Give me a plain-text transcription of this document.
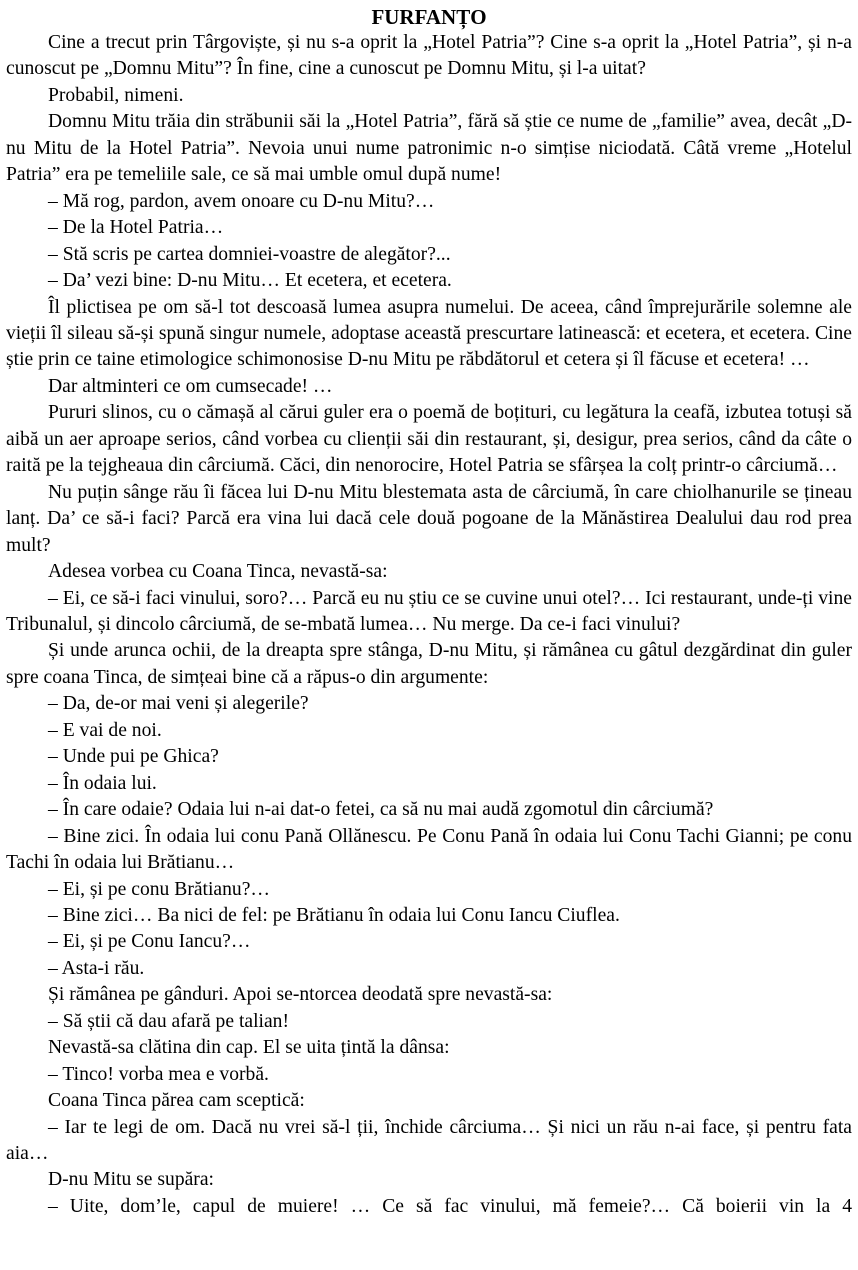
FURFANȚO

Cine a trecut prin Târgoviște, și nu s-a oprit la „Hotel Patria”? Cine s-a oprit la „Hotel Patria”, și n-a cunoscut pe „Domnu Mitu”? În fine, cine a cunoscut pe Domnu Mitu, și l-a uitat?

Probabil, nimeni.

Domnu Mitu trăia din străbunii săi la „Hotel Patria”, fără să știe ce nume de „familie” avea, decât „D-nu Mitu de la Hotel Patria”. Nevoia unui nume patronimic n-o simțise niciodată. Câtă vreme „Hotelul Patria” era pe temeliile sale, ce să mai umble omul după nume!

– Mă rog, pardon, avem onoare cu D-nu Mitu?…

– De la Hotel Patria…

– Stă scris pe cartea domniei-voastre de alegător?...

– Da’ vezi bine: D-nu Mitu… Et ecetera, et ecetera.

Îl plictisea pe om să-l tot descoasă lumea asupra numelui. De aceea, când împrejurările solemne ale vieții îl sileau să-și spună singur numele, adoptase această prescurtare latinească: et ecetera, et ecetera. Cine știe prin ce taine etimologice schimonosise D-nu Mitu pe răbdătorul et cetera și îl făcuse et ecetera! …

Dar altminteri ce om cumsecade! …

Pururi slinos, cu o cămașă al cărui guler era o poemă de boțituri, cu legătura la ceafă, izbutea totuși să aibă un aer aproape serios, când vorbea cu clienții săi din restaurant, și, desigur, prea serios, când da câte o raită pe la tejgheaua din cârciumă. Căci, din nenorocire, Hotel Patria se sfârșea la colț printr-o cârciumă…

Nu puțin sânge rău îi făcea lui D-nu Mitu blestemata asta de cârciumă, în care chiolhanurile se țineau lanț. Da’ ce să-i faci? Parcă era vina lui dacă cele două pogoane de la Mănăstirea Dealului dau rod prea mult?

Adesea vorbea cu Coana Tinca, nevastă-sa:

– Ei, ce să-i faci vinului, soro?… Parcă eu nu știu ce se cuvine unui otel?… Ici restaurant, unde-ți vine Tribunalul, și dincolo cârciumă, de se-mbată lumea… Nu merge. Da ce-i faci vinului?

Și unde arunca ochii, de la dreapta spre stânga, D-nu Mitu, și rămânea cu gâtul dezgărdinat din guler spre coana Tinca, de simțeai bine că a răpus-o din argumente:

– Da, de-or mai veni și alegerile?

– E vai de noi.

– Unde pui pe Ghica?

– În odaia lui.

– În care odaie? Odaia lui n-ai dat-o fetei, ca să nu mai audă zgomotul din cârciumă?

– Bine zici. În odaia lui conu Pană Ollănescu. Pe Conu Pană în odaia lui Conu Tachi Gianni; pe conu Tachi în odaia lui Brătianu…

– Ei, și pe conu Brătianu?…

– Bine zici… Ba nici de fel: pe Brătianu în odaia lui Conu Iancu Ciuflea.

– Ei, și pe Conu Iancu?…

– Asta-i rău.

Și rămânea pe gânduri. Apoi se-ntorcea deodată spre nevastă-sa:

– Să știi că dau afară pe talian!

Nevastă-sa clătina din cap. El se uita țintă la dânsa:

– Tinco! vorba mea e vorbă.

Coana Tinca părea cam sceptică:

– Iar te legi de om. Dacă nu vrei să-l ții, închide cârciuma… Și nici un rău n-ai face, și pentru fata aia…

D-nu Mitu se supăra:

– Uite, dom’le, capul de muiere! … Ce să fac vinului, mă femeie?… Că boierii vin la 4
